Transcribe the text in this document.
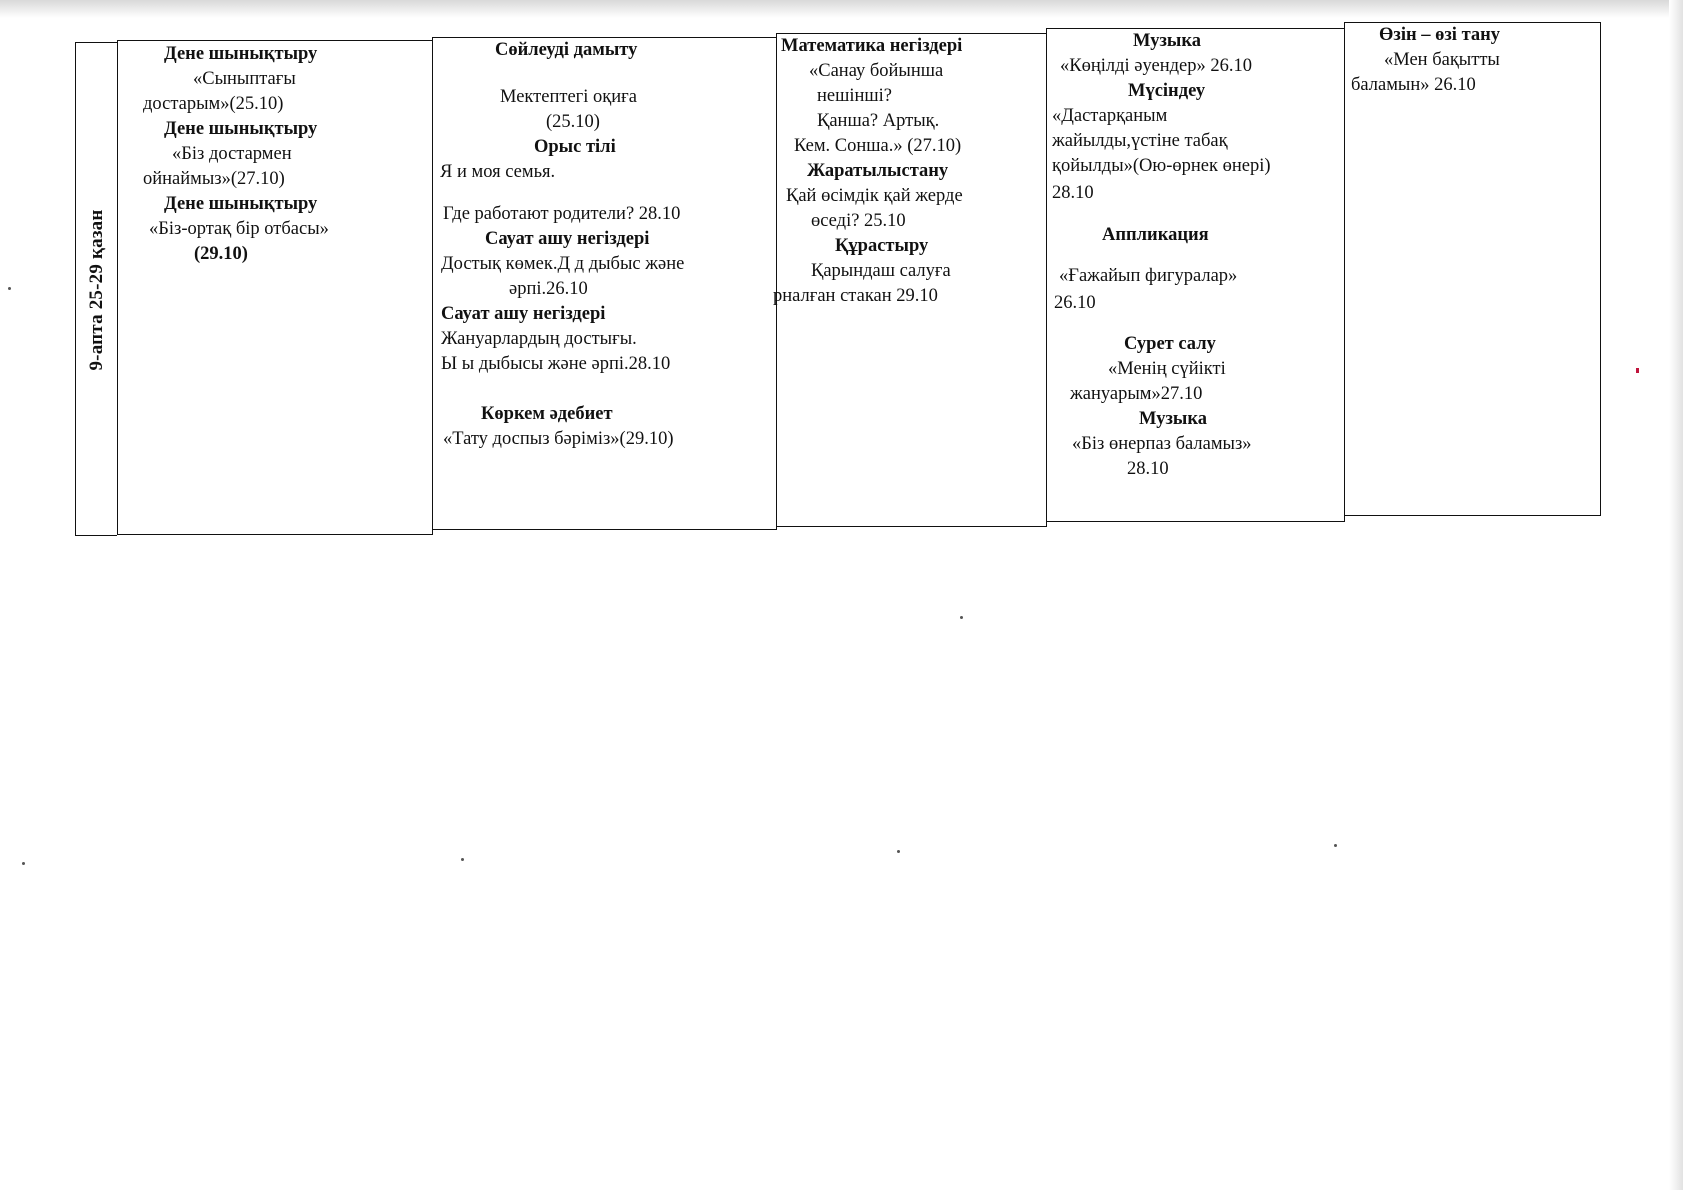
9-апта 25-29 қазан
Дене шынықтыру
«Сыныптағы
достарым»(25.10)
Дене шынықтыру
«Біз достармен
ойнаймыз»(27.10)
Дене шынықтыру
«Біз-ортақ бір отбасы»
(29.10)
Сөйлеуді дамыту
Мектептегі оқиға
(25.10)
Орыс тілі
Я и моя семья.
Где работают родители? 28.10
Сауат ашу негіздері
Достық көмек.Д д дыбыс және
әрпі.26.10
Сауат ашу негіздері
Жануарлардың достығы.
Ы ы дыбысы және әрпі.28.10
Көркем әдебиет
«Тату доспыз бәріміз»(29.10)
Математика негіздері
«Санау бойынша
нешінші?
Қанша? Артық.
Кем. Сонша.» (27.10)
Жаратылыстану
Қай өсімдік қай жерде
өседі? 25.10
Құрастыру
Қарындаш салуға
рналған стакан 29.10
Музыка
«Көңілді әуендер» 26.10
Мүсіндеу
«Дастарқаным
жайылды,үстіне табақ
қойылды»(Ою-өрнек өнері)
28.10
Аппликация
«Ғажайып фигуралар»
26.10
Сурет салу
«Менің сүйікті
жануарым»27.10
Музыка
«Біз өнерпаз баламыз»
28.10
Өзін – өзі тану
«Мен бақытты
баламын» 26.10
